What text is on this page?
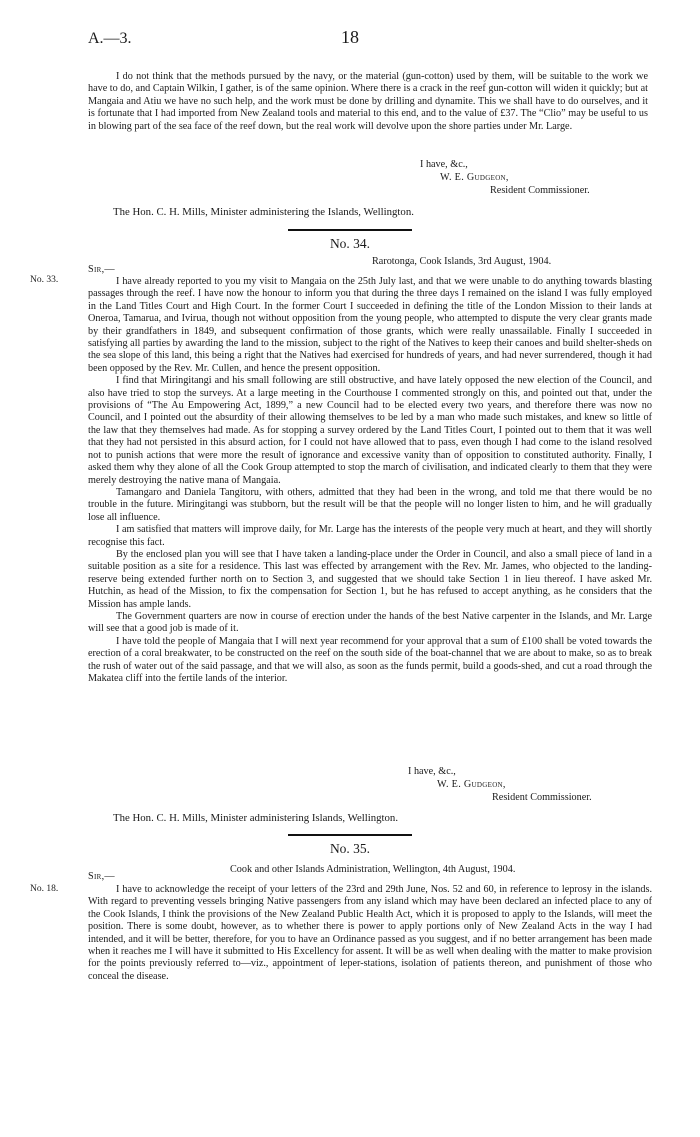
A.—3.	18

I do not think that the methods pursued by the navy, or the material (gun-cotton) used by them, will be suitable to the work we have to do, and Captain Wilkin, I gather, is of the same opinion. Where there is a crack in the reef gun-cotton will widen it quickly; but at Mangaia and Atiu we have no such help, and the work must be done by drilling and dynamite. This we shall have to do ourselves, and it is fortunate that I had imported from New Zealand tools and material to this end, and to the value of £37. The “Clio” may be useful to us in blowing part of the sea face of the reef down, but the real work will devolve upon the shore parties under Mr. Large.

I have, &c.,
W. E. Gudgeon,
Resident Commissioner.
The Hon. C. H. Mills, Minister administering the Islands, Wellington.
No. 34.
Rarotonga, Cook Islands, 3rd August, 1904.
Sir,—
No. 33.	I have already reported to you my visit to Mangaia on the 25th July last, and that we were unable to do anything towards blasting passages through the reef. I have now the honour to inform you that during the three days I remained on the island I was fully employed in the Land Titles Court and High Court. In the former Court I succeeded in defining the title of the London Mission to their lands at Oneroa, Tamarua, and Ivirua, though not without opposition from the young people, who attempted to dispute the very clear grants made by their grandfathers in 1849, and subsequent confirmation of those grants, which were really unassailable. Finally I succeeded in satisfying all parties by awarding the land to the mission, subject to the right of the Natives to keep their canoes and build shelter-sheds on the sea slope of this land, this being a right that the Natives had exercised for hundreds of years, and had never surrendered, though it had been opposed by the Rev. Mr. Cullen, and hence the present opposition.

I find that Miringitangi and his small following are still obstructive, and have lately opposed the new election of the Council, and also have tried to stop the surveys. At a large meeting in the Courthouse I commented strongly on this, and pointed out that, under the provisions of “The Au Empowering Act, 1899,” a new Council had to be elected every two years, and therefore there was now no Council, and I pointed out the absurdity of their allowing themselves to be led by a man who made such mistakes, and knew so little of the law that they themselves had made. As for stopping a survey ordered by the Land Titles Court, I pointed out to them that it was well that they had not persisted in this absurd action, for I could not have allowed that to pass, even though I had come to the island resolved not to punish actions that were more the result of ignorance and excessive vanity than of opposition to constituted authority. Finally, I asked them why they alone of all the Cook Group attempted to stop the march of civilisation, and indicated clearly to them that they were merely destroying the native mana of Mangaia.

Tamangaro and Daniela Tangitoru, with others, admitted that they had been in the wrong, and told me that there would be no trouble in the future. Miringitangi was stubborn, but the result will be that the people will no longer listen to him, and he will gradually lose all influence.

I am satisfied that matters will improve daily, for Mr. Large has the interests of the people very much at heart, and they will shortly recognise this fact.

By the enclosed plan you will see that I have taken a landing-place under the Order in Council, and also a small piece of land in a suitable position as a site for a residence. This last was effected by arrangement with the Rev. Mr. James, who objected to the landing-reserve being extended further north on to Section 3, and suggested that we should take Section 1 in lieu thereof. I have asked Mr. Hutchin, as head of the Mission, to fix the compensation for Section 1, but he has refused to accept anything, as he considers that the Mission has ample lands.

The Government quarters are now in course of erection under the hands of the best Native carpenter in the Islands, and Mr. Large will see that a good job is made of it.

I have told the people of Mangaia that I will next year recommend for your approval that a sum of £100 shall be voted towards the erection of a coral breakwater, to be constructed on the reef on the south side of the boat-channel that we are about to make, so as to break the rush of water out of the said passage, and that we will also, as soon as the funds permit, build a goods-shed, and cut a road through the Makatea cliff into the fertile lands of the interior.

I have, &c.,
W. E. Gudgeon,
Resident Commissioner.
The Hon. C. H. Mills, Minister administering Islands, Wellington.
No. 35.
Cook and other Islands Administration, Wellington, 4th August, 1904.
Sir,—
No. 18.	I have to acknowledge the receipt of your letters of the 23rd and 29th June, Nos. 52 and 60, in reference to leprosy in the islands. With regard to preventing vessels bringing Native passengers from any island which may have been declared an infected place to any of the Cook Islands, I think the provisions of the New Zealand Public Health Act, which it is proposed to apply to the Islands, will meet the position. There is some doubt, however, as to whether there is power to apply portions only of New Zealand Acts in the way I had intended, and it will be better, therefore, for you to have an Ordinance passed as you suggest, and if no better arrangement has been made when it reaches me I will have it submitted to His Excellency for assent. It will be as well when dealing with the matter to make provision for the points previously referred to—viz., appointment of leper-stations, isolation of patients thereon, and punishment of those who conceal the disease.
